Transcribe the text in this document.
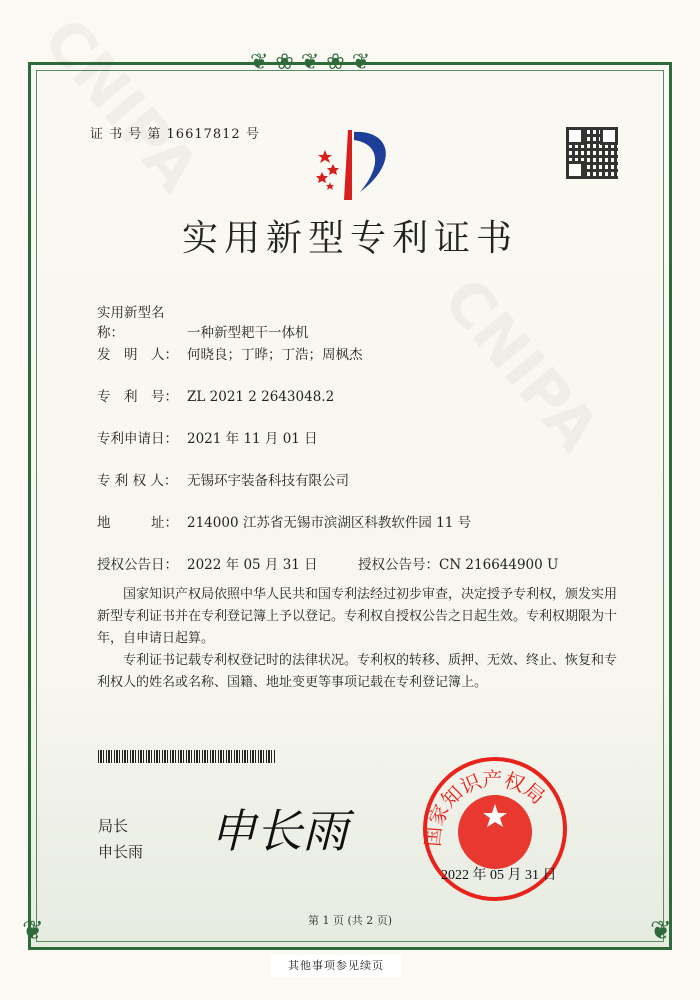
❦ ❀ ❦ ❀ ❦
❦	❦
证 书 号 第 16617812 号
实用新型专利证书
实用新型名称：	一种新型耙干一体机
发　明　人： 何晓良；丁晔；丁浩；周枫杰
专　利　号： ZL 2021 2 2643048.2
专利申请日： 2021 年 11 月 01 日
专 利 权 人： 无锡环宇装备科技有限公司
地　　　址： 214000 江苏省无锡市滨湖区科教软件园 11 号
授权公告日： 2022 年 05 月 31 日	授权公告号：CN 216644900 U
国家知识产权局依照中华人民共和国专利法经过初步审查，决定授予专利权，颁发实用新型专利证书并在专利登记簿上予以登记。专利权自授权公告之日起生效。专利权期限为十年，自申请日起算。
专利证书记载专利权登记时的法律状况。专利权的转移、质押、无效、终止、恢复和专利权人的姓名或名称、国籍、地址变更等事项记载在专利登记簿上。
局长
申长雨 申长雨	国家知识产权局
2022 年 05 月 31 日
第 1 页 (共 2 页)
其他事项参见续页
